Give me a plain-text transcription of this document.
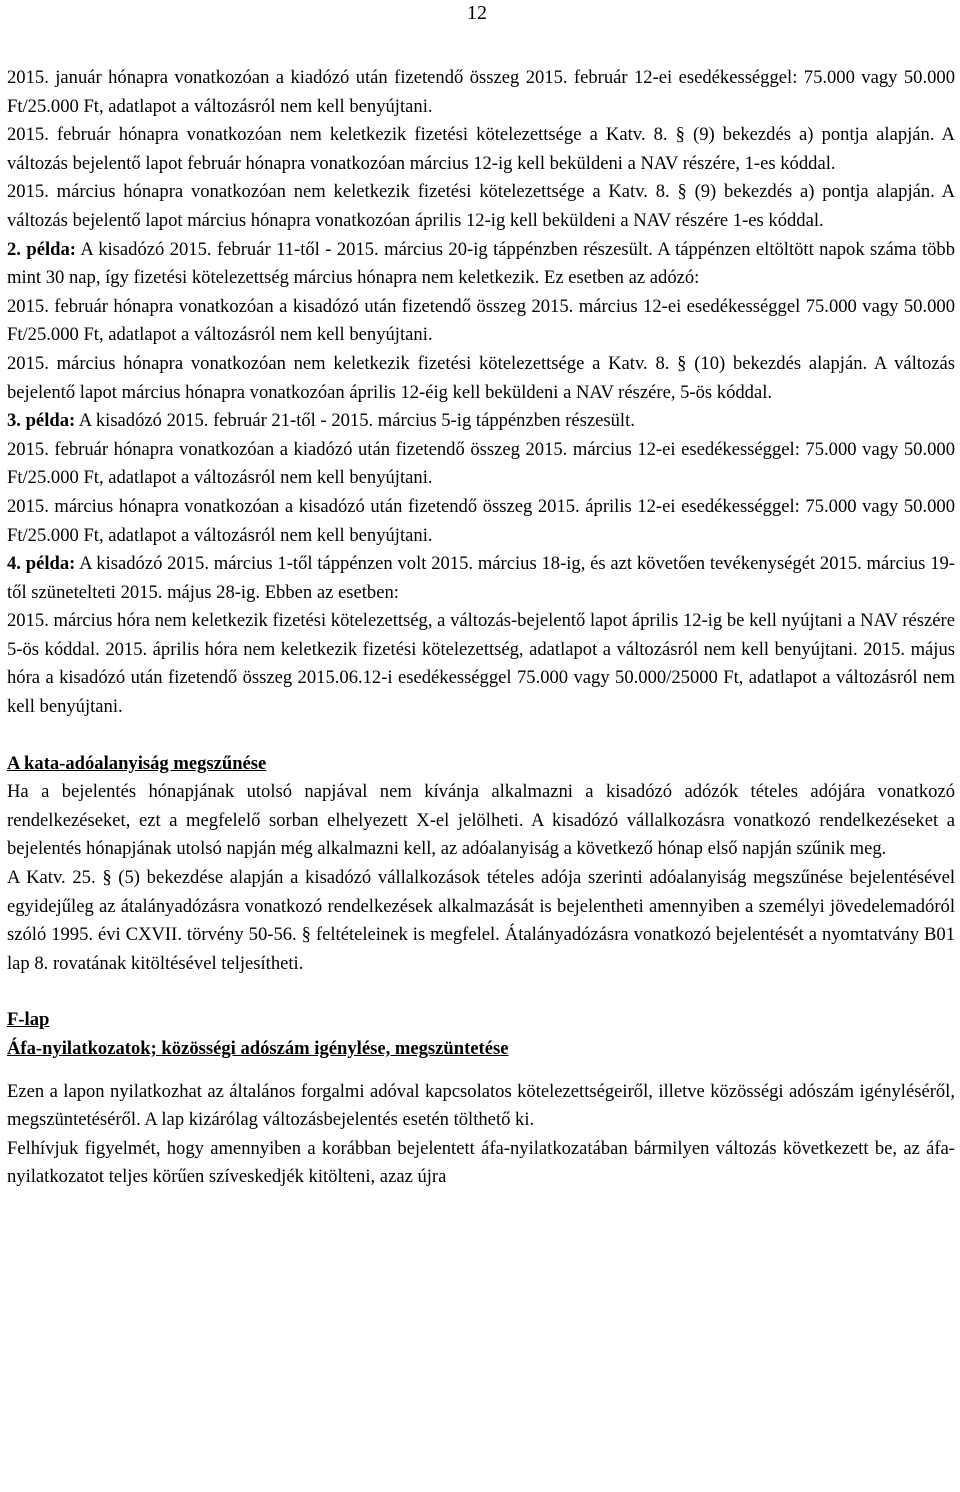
12

2015. január hónapra vonatkozóan a kiadózó után fizetendő összeg 2015. február 12-ei esedékességgel: 75.000 vagy 50.000 Ft/25.000 Ft, adatlapot a változásról nem kell benyújtani.

2015. február hónapra vonatkozóan nem keletkezik fizetési kötelezettsége a Katv. 8. § (9) bekezdés a) pontja alapján. A változás bejelentő lapot február hónapra vonatkozóan március 12-ig kell beküldeni a NAV részére, 1-es kóddal.

2015. március hónapra vonatkozóan nem keletkezik fizetési kötelezettsége a Katv. 8. § (9) bekezdés a) pontja alapján. A változás bejelentő lapot március hónapra vonatkozóan április 12-ig kell beküldeni a NAV részére 1-es kóddal.

2. példa: A kisadózó 2015. február 11-től - 2015. március 20-ig táppénzben részesült. A táppénzen eltöltött napok száma több mint 30 nap, így fizetési kötelezettség március hónapra nem keletkezik. Ez esetben az adózó:

2015. február hónapra vonatkozóan a kisadózó után fizetendő összeg 2015. március 12-ei esedékességgel 75.000 vagy 50.000 Ft/25.000 Ft, adatlapot a változásról nem kell benyújtani.

2015. március hónapra vonatkozóan nem keletkezik fizetési kötelezettsége a Katv. 8. § (10) bekezdés alapján. A változás bejelentő lapot március hónapra vonatkozóan április 12-éig kell beküldeni a NAV részére, 5-ös kóddal.

3. példa: A kisadózó 2015. február 21-től - 2015. március 5-ig táppénzben részesült.

2015. február hónapra vonatkozóan a kiadózó után fizetendő összeg 2015. március 12-ei esedékességgel: 75.000 vagy 50.000 Ft/25.000 Ft, adatlapot a változásról nem kell benyújtani.

2015. március hónapra vonatkozóan a kisadózó után fizetendő összeg 2015. április 12-ei esedékességgel: 75.000 vagy 50.000 Ft/25.000 Ft, adatlapot a változásról nem kell benyújtani.

4. példa: A kisadózó 2015. március 1-től táppénzen volt 2015. március 18-ig, és azt követően tevékenységét 2015. március 19-től szünetelteti 2015. május 28-ig. Ebben az esetben:

2015. március hóra nem keletkezik fizetési kötelezettség, a változás-bejelentő lapot április 12-ig be kell nyújtani a NAV részére 5-ös kóddal. 2015. április hóra nem keletkezik fizetési kötelezettség, adatlapot a változásról nem kell benyújtani. 2015. május hóra a kisadózó után fizetendő összeg 2015.06.12-i esedékességgel 75.000 vagy 50.000/25000 Ft, adatlapot a változásról nem kell benyújtani.

A kata-adóalanyiság megszűnése

Ha a bejelentés hónapjának utolsó napjával nem kívánja alkalmazni a kisadózó adózók tételes adójára vonatkozó rendelkezéseket, ezt a megfelelő sorban elhelyezett X-el jelölheti. A kisadózó vállalkozásra vonatkozó rendelkezéseket a bejelentés hónapjának utolsó napján még alkalmazni kell, az adóalanyiság a következő hónap első napján szűnik meg.

A Katv. 25. § (5) bekezdése alapján a kisadózó vállalkozások tételes adója szerinti adóalanyiság megszűnése bejelentésével egyidejűleg az átalányadózásra vonatkozó rendelkezések alkalmazását is bejelentheti amennyiben a személyi jövedelemadóról szóló 1995. évi CXVII. törvény 50-56. § feltételeinek is megfelel. Átalányadózásra vonatkozó bejelentését a nyomtatvány B01 lap 8. rovatának kitöltésével teljesítheti.

F-lap

Áfa-nyilatkozatok; közösségi adószám igénylése, megszüntetése

Ezen a lapon nyilatkozhat az általános forgalmi adóval kapcsolatos kötelezettségeiről, illetve közösségi adószám igényléséről, megszüntetéséről. A lap kizárólag változásbejelentés esetén tölthető ki.

Felhívjuk figyelmét, hogy amennyiben a korábban bejelentett áfa-nyilatkozatában bármilyen változás következett be, az áfa-nyilatkozatot teljes körűen szíveskedjék kitölteni, azaz újra
